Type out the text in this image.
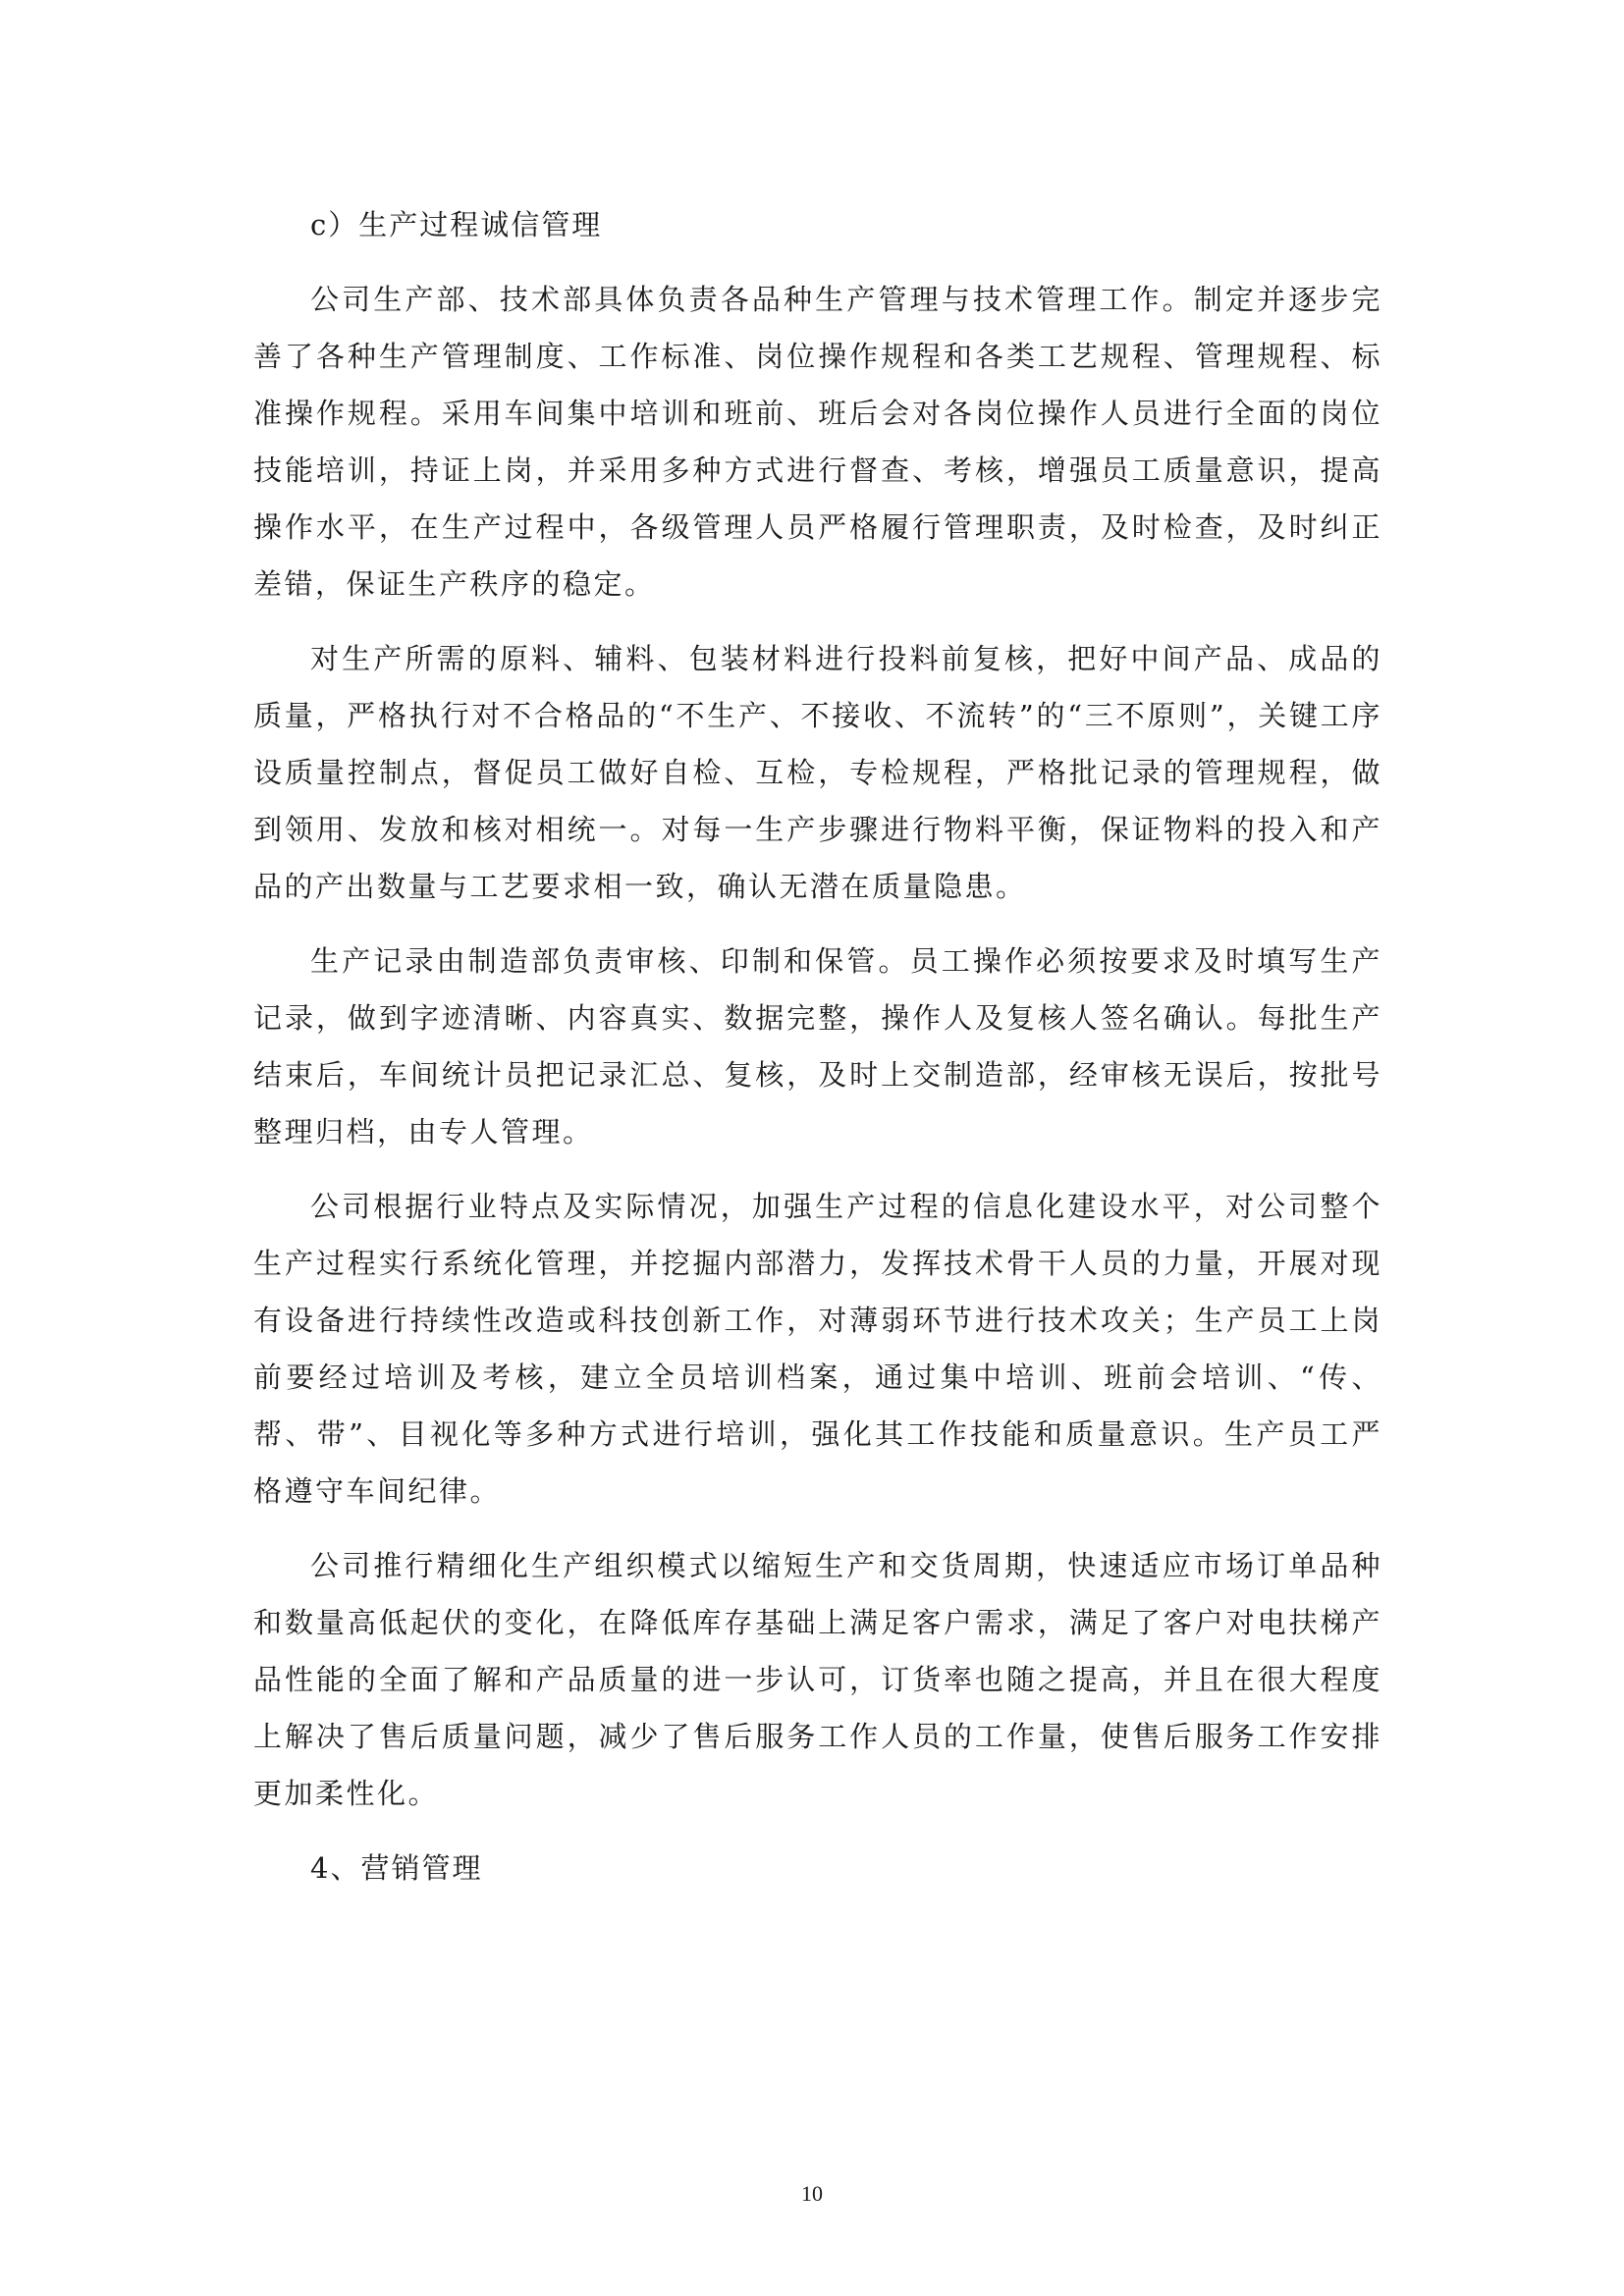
c）生产过程诚信管理

公司生产部、技术部具体负责各品种生产管理与技术管理工作。制定并逐步完善了各种生产管理制度、工作标准、岗位操作规程和各类工艺规程、管理规程、标准操作规程。采用车间集中培训和班前、班后会对各岗位操作人员进行全面的岗位技能培训，持证上岗，并采用多种方式进行督查、考核，增强员工质量意识，提高操作水平，在生产过程中，各级管理人员严格履行管理职责，及时检查，及时纠正差错，保证生产秩序的稳定。

对生产所需的原料、辅料、包装材料进行投料前复核，把好中间产品、成品的质量，严格执行对不合格品的“不生产、不接收、不流转”的“三不原则”，关键工序设质量控制点，督促员工做好自检、互检，专检规程，严格批记录的管理规程，做到领用、发放和核对相统一。对每一生产步骤进行物料平衡，保证物料的投入和产品的产出数量与工艺要求相一致，确认无潜在质量隐患。

生产记录由制造部负责审核、印制和保管。员工操作必须按要求及时填写生产记录，做到字迹清晰、内容真实、数据完整，操作人及复核人签名确认。每批生产结束后，车间统计员把记录汇总、复核，及时上交制造部，经审核无误后，按批号整理归档，由专人管理。

公司根据行业特点及实际情况，加强生产过程的信息化建设水平，对公司整个生产过程实行系统化管理，并挖掘内部潜力，发挥技术骨干人员的力量，开展对现有设备进行持续性改造或科技创新工作，对薄弱环节进行技术攻关；生产员工上岗前要经过培训及考核，建立全员培训档案，通过集中培训、班前会培训、“传、帮、带”、目视化等多种方式进行培训，强化其工作技能和质量意识。生产员工严格遵守车间纪律。

公司推行精细化生产组织模式以缩短生产和交货周期，快速适应市场订单品种和数量高低起伏的变化，在降低库存基础上满足客户需求，满足了客户对电扶梯产品性能的全面了解和产品质量的进一步认可，订货率也随之提高，并且在很大程度上解决了售后质量问题，减少了售后服务工作人员的工作量，使售后服务工作安排更加柔性化。

4、营销管理
10
